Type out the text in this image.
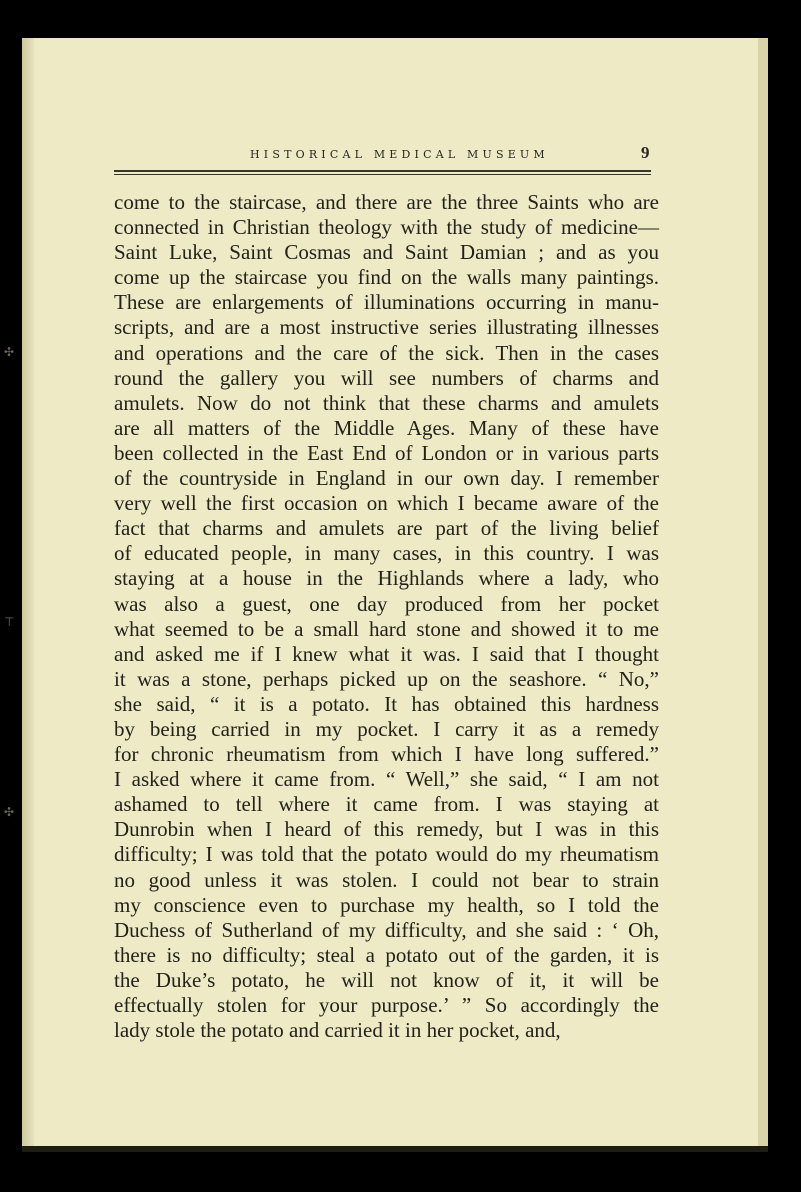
✣
⊤
✣
HISTORICAL MEDICAL MUSEUM	9
come to the staircase, and there are the three Saints who are
connected in Christian theology with the study of medicine—
Saint Luke, Saint Cosmas and Saint Damian ; and as you
come up the staircase you find on the walls many paintings.
These are enlargements of illuminations occurring in manu-
scripts, and are a most instructive series illustrating illnesses
and operations and the care of the sick. Then in the cases
round the gallery you will see numbers of charms and
amulets. Now do not think that these charms and amulets
are all matters of the Middle Ages. Many of these have
been collected in the East End of London or in various parts
of the countryside in England in our own day. I remember
very well the first occasion on which I became aware of the
fact that charms and amulets are part of the living belief
of educated people, in many cases, in this country. I was
staying at a house in the Highlands where a lady, who
was also a guest, one day produced from her pocket
what seemed to be a small hard stone and showed it to me
and asked me if I knew what it was. I said that I thought
it was a stone, perhaps picked up on the seashore. “ No,”
she said, “ it is a potato. It has obtained this hardness
by being carried in my pocket. I carry it as a remedy
for chronic rheumatism from which I have long suffered.”
I asked where it came from. “ Well,” she said, “ I am not
ashamed to tell where it came from. I was staying at
Dunrobin when I heard of this remedy, but I was in this
difficulty; I was told that the potato would do my rheumatism
no good unless it was stolen. I could not bear to strain
my conscience even to purchase my health, so I told the
Duchess of Sutherland of my difficulty, and she said : ‘ Oh,
there is no difficulty; steal a potato out of the garden, it is
the Duke’s potato, he will not know of it, it will be
effectually stolen for your purpose.’ ” So accordingly the
lady stole the potato and carried it in her pocket, and,
